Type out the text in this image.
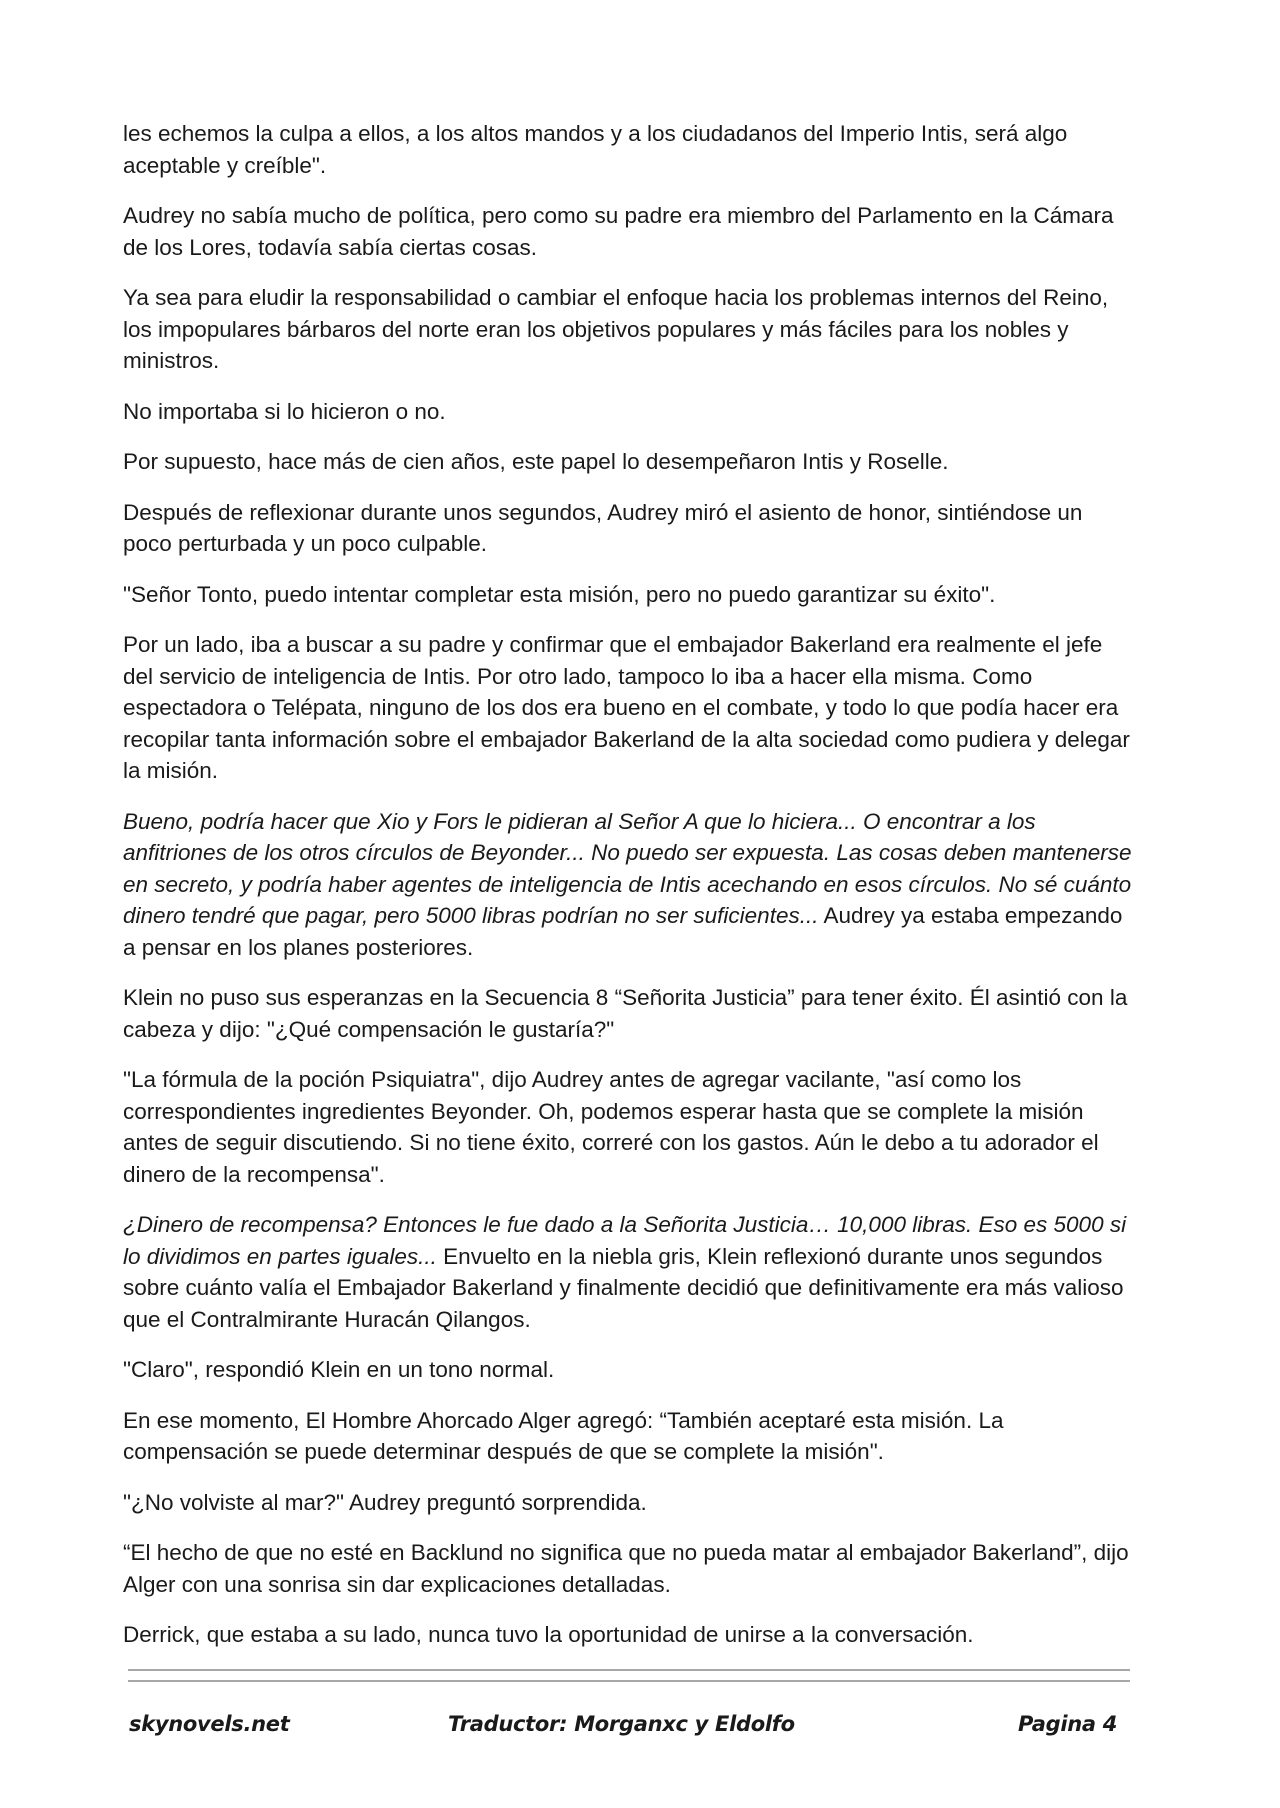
les echemos la culpa a ellos, a los altos mandos y a los ciudadanos del Imperio Intis, será algo aceptable y creíble".

Audrey no sabía mucho de política, pero como su padre era miembro del Parlamento en la Cámara de los Lores, todavía sabía ciertas cosas.

Ya sea para eludir la responsabilidad o cambiar el enfoque hacia los problemas internos del Reino, los impopulares bárbaros del norte eran los objetivos populares y más fáciles para los nobles y ministros.

No importaba si lo hicieron o no.

Por supuesto, hace más de cien años, este papel lo desempeñaron Intis y Roselle.

Después de reflexionar durante unos segundos, Audrey miró el asiento de honor, sintiéndose un poco perturbada y un poco culpable.

"Señor Tonto, puedo intentar completar esta misión, pero no puedo garantizar su éxito".

Por un lado, iba a buscar a su padre y confirmar que el embajador Bakerland era realmente el jefe del servicio de inteligencia de Intis. Por otro lado, tampoco lo iba a hacer ella misma. Como espectadora o Telépata, ninguno de los dos era bueno en el combate, y todo lo que podía hacer era recopilar tanta información sobre el embajador Bakerland de la alta sociedad como pudiera y delegar la misión.

Bueno, podría hacer que Xio y Fors le pidieran al Señor A que lo hiciera... O encontrar a los anfitriones de los otros círculos de Beyonder... No puedo ser expuesta. Las cosas deben mantenerse en secreto, y podría haber agentes de inteligencia de Intis acechando en esos círculos. No sé cuánto dinero tendré que pagar, pero 5000 libras podrían no ser suficientes... Audrey ya estaba empezando a pensar en los planes posteriores.

Klein no puso sus esperanzas en la Secuencia 8 “Señorita Justicia” para tener éxito. Él asintió con la cabeza y dijo: "¿Qué compensación le gustaría?"

"La fórmula de la poción Psiquiatra", dijo Audrey antes de agregar vacilante, "así como los correspondientes ingredientes Beyonder. Oh, podemos esperar hasta que se complete la misión antes de seguir discutiendo. Si no tiene éxito, correré con los gastos. Aún le debo a tu adorador el dinero de la recompensa".

¿Dinero de recompensa? Entonces le fue dado a la Señorita Justicia… 10,000 libras. Eso es 5000 si lo dividimos en partes iguales... Envuelto en la niebla gris, Klein reflexionó durante unos segundos sobre cuánto valía el Embajador Bakerland y finalmente decidió que definitivamente era más valioso que el Contralmirante Huracán Qilangos.

"Claro", respondió Klein en un tono normal.

En ese momento, El Hombre Ahorcado Alger agregó: “También aceptaré esta misión. La compensación se puede determinar después de que se complete la misión".

"¿No volviste al mar?" Audrey preguntó sorprendida.

“El hecho de que no esté en Backlund no significa que no pueda matar al embajador Bakerland”, dijo Alger con una sonrisa sin dar explicaciones detalladas.

Derrick, que estaba a su lado, nunca tuvo la oportunidad de unirse a la conversación.

skynovels.net	Traductor: Morganxc y Eldolfo	Pagina 4
